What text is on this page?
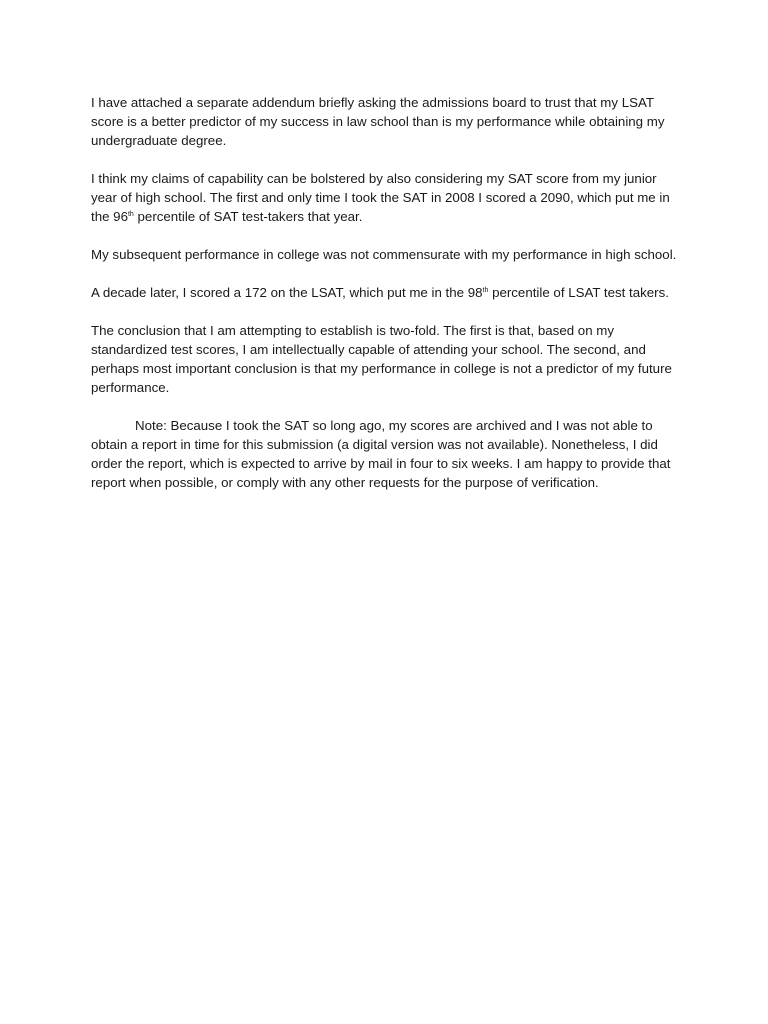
I have attached a separate addendum briefly asking the admissions board to trust that my LSAT score is a better predictor of my success in law school than is my performance while obtaining my undergraduate degree.

I think my claims of capability can be bolstered by also considering my SAT score from my junior year of high school. The first and only time I took the SAT in 2008 I scored a 2090, which put me in the 96th percentile of SAT test-takers that year.

My subsequent performance in college was not commensurate with my performance in high school.

A decade later, I scored a 172 on the LSAT, which put me in the 98th percentile of LSAT test takers.

The conclusion that I am attempting to establish is two-fold. The first is that, based on my standardized test scores, I am intellectually capable of attending your school. The second, and perhaps most important conclusion is that my performance in college is not a predictor of my future performance.

Note: Because I took the SAT so long ago, my scores are archived and I was not able to obtain a report in time for this submission (a digital version was not available). Nonetheless, I did order the report, which is expected to arrive by mail in four to six weeks. I am happy to provide that report when possible, or comply with any other requests for the purpose of verification.
